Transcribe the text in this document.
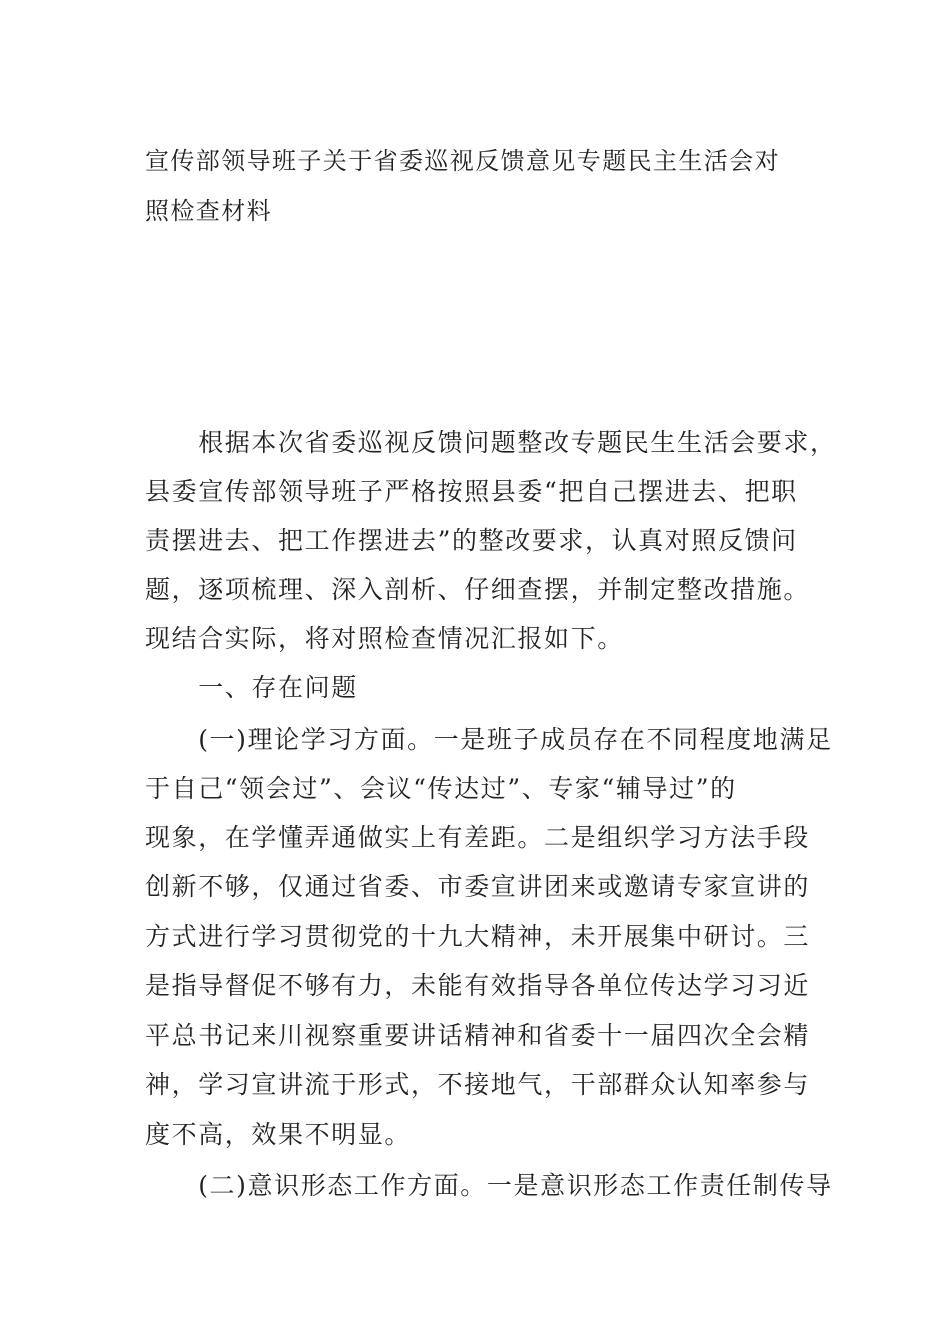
宣传部领导班子关于省委巡视反馈意见专题民主生活会对
照检查材料
　　根据本次省委巡视反馈问题整改专题民生生活会要求，
县委宣传部领导班子严格按照县委“把自己摆进去、把职
责摆进去、把工作摆进去”的整改要求，认真对照反馈问
题，逐项梳理、深入剖析、仔细查摆，并制定整改措施。
现结合实际，将对照检查情况汇报如下。
　　一、存在问题
　　(一)理论学习方面。一是班子成员存在不同程度地满足
于自己“领会过”、会议“传达过”、专家“辅导过”的
现象，在学懂弄通做实上有差距。二是组织学习方法手段
创新不够，仅通过省委、市委宣讲团来或邀请专家宣讲的
方式进行学习贯彻党的十九大精神，未开展集中研讨。三
是指导督促不够有力，未能有效指导各单位传达学习习近
平总书记来川视察重要讲话精神和省委十一届四次全会精
神，学习宣讲流于形式，不接地气，干部群众认知率参与
度不高，效果不明显。
　　(二)意识形态工作方面。一是意识形态工作责任制传导
